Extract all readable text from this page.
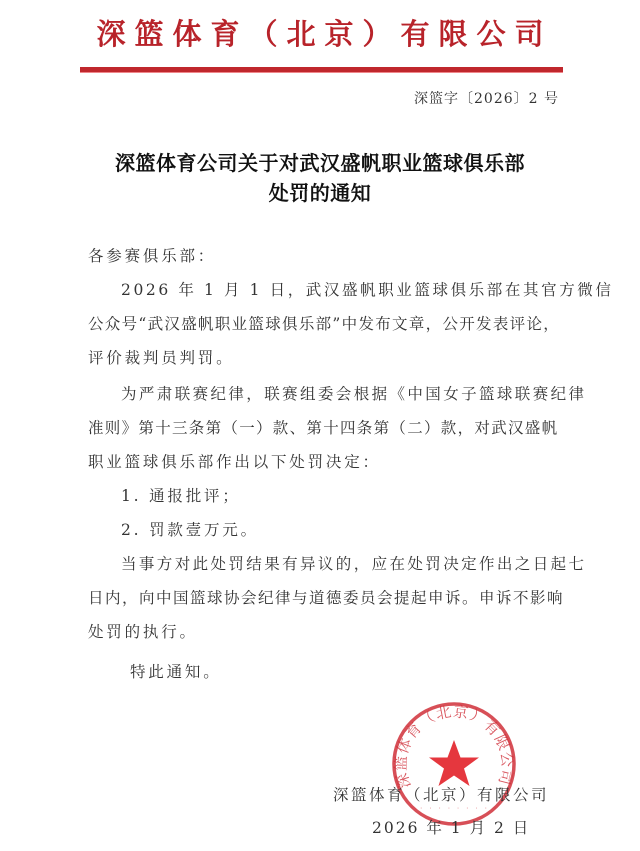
深篮体育（北京）有限公司
深篮字〔2026〕2 号
深篮体育公司关于对武汉盛帆职业篮球俱乐部
处罚的通知
各参赛俱乐部：
2026 年 1 月 1 日，武汉盛帆职业篮球俱乐部在其官方微信
公众号“武汉盛帆职业篮球俱乐部”中发布文章，公开发表评论，
评价裁判员判罚。
为严肃联赛纪律，联赛组委会根据《中国女子篮球联赛纪律
准则》第十三条第（一）款、第十四条第（二）款，对武汉盛帆
职业篮球俱乐部作出以下处罚决定：
1. 通报批评；
2. 罚款壹万元。
当事方对此处罚结果有异议的，应在处罚决定作出之日起七
日内，向中国篮球协会纪律与道德委员会提起申诉。申诉不影响
处罚的执行。
特此通知。
深篮体育（北京）有限公司
· · · · · · · · · ·
深篮体育（北京）有限公司
2026 年 1 月 2 日
